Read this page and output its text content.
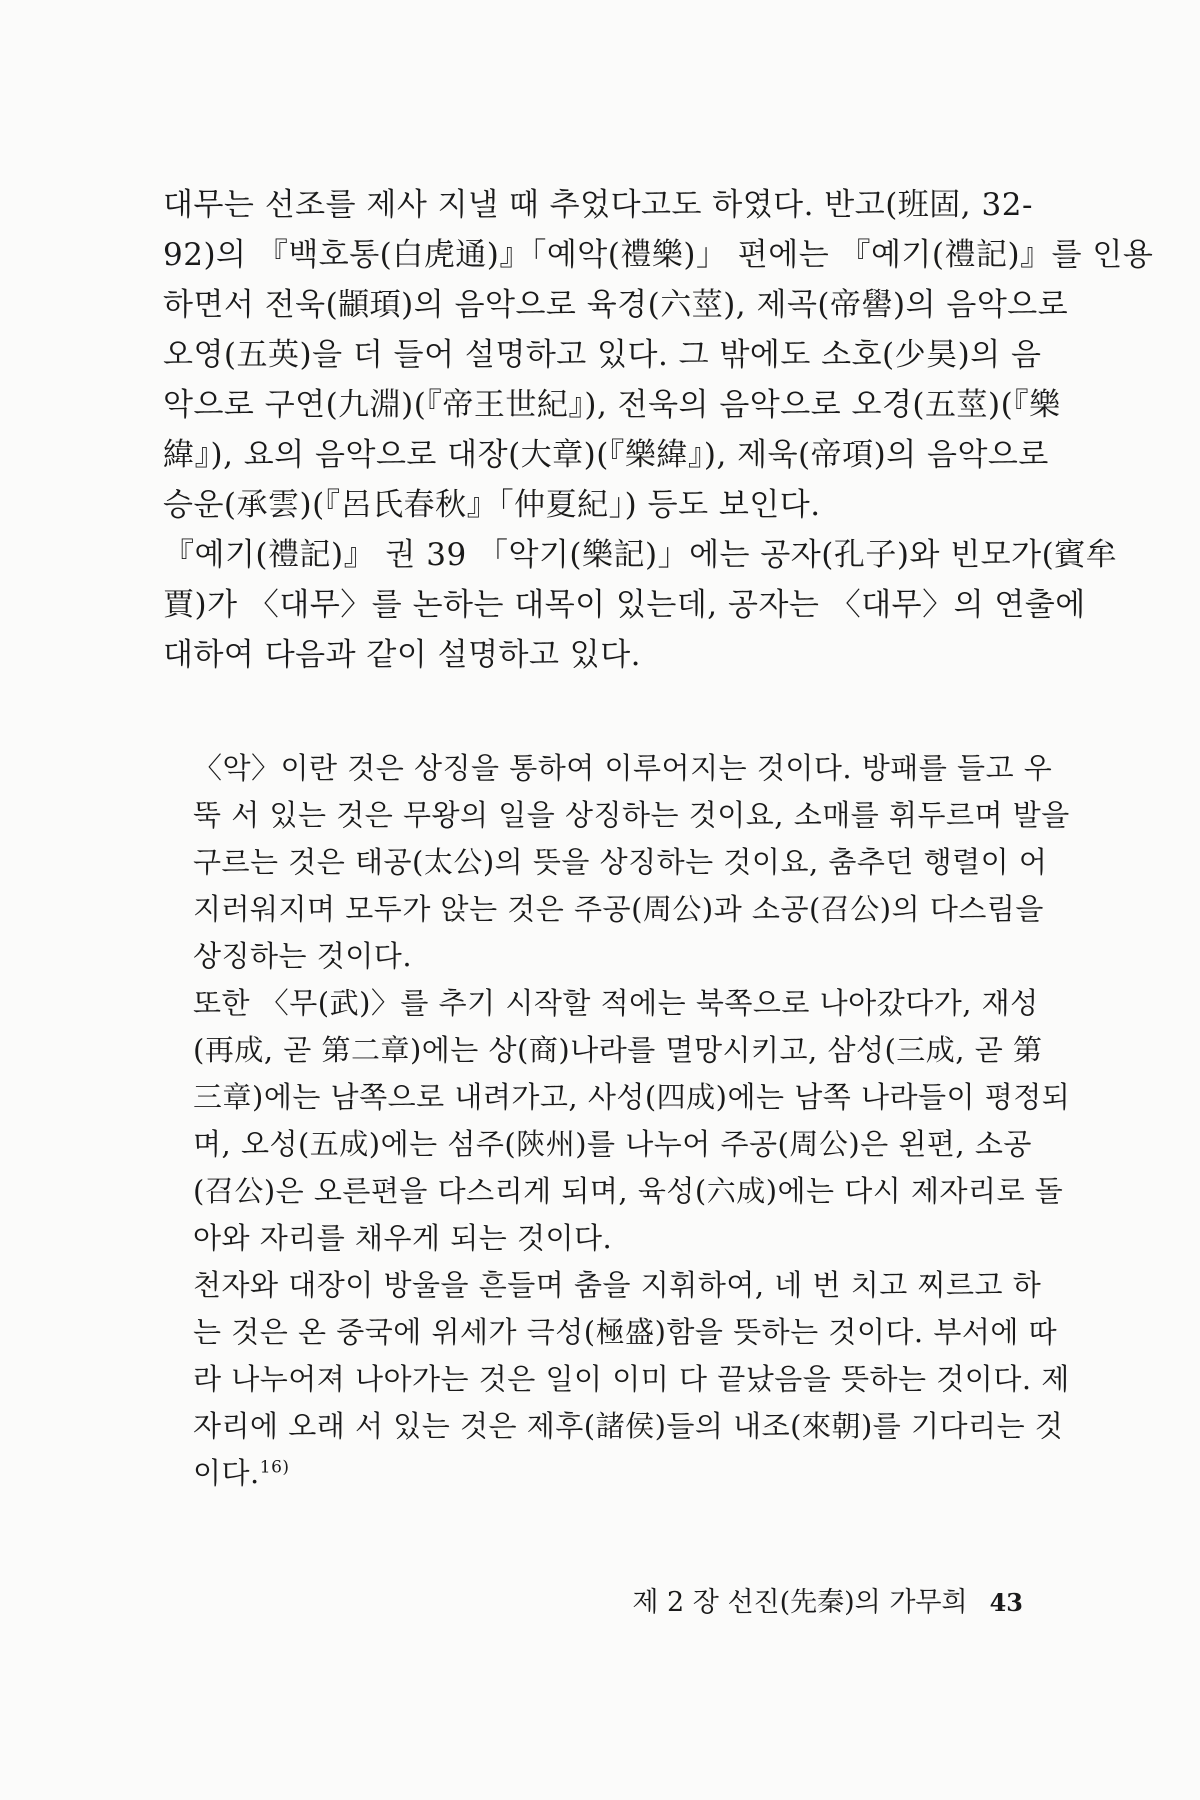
대무는 선조를 제사 지낼 때 추었다고도 하였다. 반고(班固, 32-
92)의 『백호통(白虎通)』「예악(禮樂)」 편에는 『예기(禮記)』를 인용
하면서 전욱(顓頊)의 음악으로 육경(六莖), 제곡(帝嚳)의 음악으로
오영(五英)을 더 들어 설명하고 있다. 그 밖에도 소호(少昊)의 음
악으로 구연(九淵)(『帝王世紀』), 전욱의 음악으로 오경(五莖)(『樂
緯』), 요의 음악으로 대장(大章)(『樂緯』), 제욱(帝項)의 음악으로
승운(承雲)(『呂氏春秋』「仲夏紀」) 등도 보인다.
『예기(禮記)』 권 39 「악기(樂記)」에는 공자(孔子)와 빈모가(賓牟
賈)가 〈대무〉를 논하는 대목이 있는데, 공자는 〈대무〉의 연출에
대하여 다음과 같이 설명하고 있다.
〈악〉이란 것은 상징을 통하여 이루어지는 것이다. 방패를 들고 우
뚝 서 있는 것은 무왕의 일을 상징하는 것이요, 소매를 휘두르며 발을
구르는 것은 태공(太公)의 뜻을 상징하는 것이요, 춤추던 행렬이 어
지러워지며 모두가 앉는 것은 주공(周公)과 소공(召公)의 다스림을
상징하는 것이다.
또한 〈무(武)〉를 추기 시작할 적에는 북쪽으로 나아갔다가, 재성
(再成, 곧 第二章)에는 상(商)나라를 멸망시키고, 삼성(三成, 곧 第
三章)에는 남쪽으로 내려가고, 사성(四成)에는 남쪽 나라들이 평정되
며, 오성(五成)에는 섬주(陝州)를 나누어 주공(周公)은 왼편, 소공
(召公)은 오른편을 다스리게 되며, 육성(六成)에는 다시 제자리로 돌
아와 자리를 채우게 되는 것이다.
천자와 대장이 방울을 흔들며 춤을 지휘하여, 네 번 치고 찌르고 하
는 것은 온 중국에 위세가 극성(極盛)함을 뜻하는 것이다. 부서에 따
라 나누어져 나아가는 것은 일이 이미 다 끝났음을 뜻하는 것이다. 제
자리에 오래 서 있는 것은 제후(諸侯)들의 내조(來朝)를 기다리는 것
이다.$^{16)}$
제 2 장 선진(先秦)의 가무희 43
